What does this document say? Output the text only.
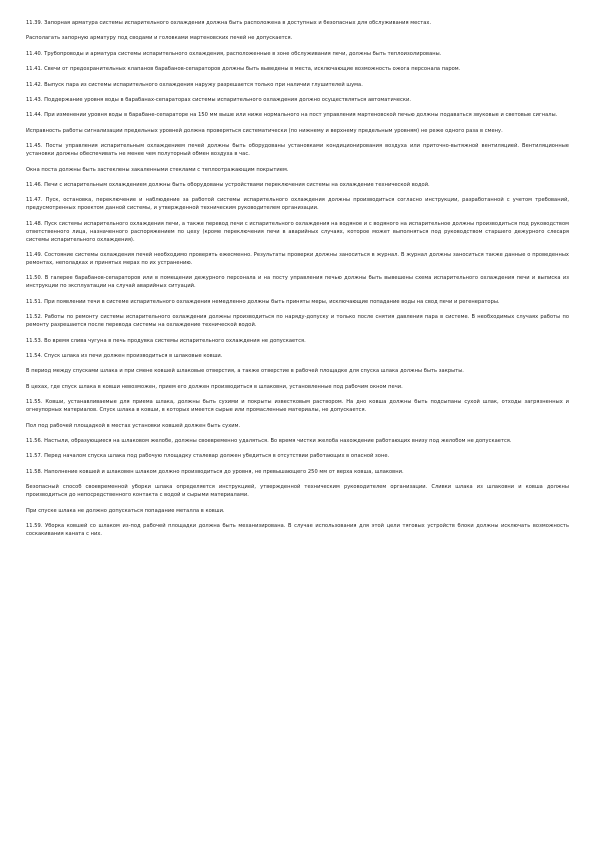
11.39. Запорная арматура системы испарительного охлаждения должна быть расположена в доступных и безопасных для обслуживания местах.

Располагать запорную арматуру под сводами и головками мартеновских печей не допускается.

11.40. Трубопроводы и арматура системы испарительного охлаждения, расположенные в зоне обслуживания печи, должны быть теплоизолированы.

11.41. Свечи от предохранительных клапанов барабанов-сепараторов должны быть выведены в места, исключающие возможность ожога персонала паром.

11.42. Выпуск пара из системы испарительного охлаждения наружу разрешается только при наличии глушителей шума.

11.43. Поддержание уровня воды в барабанах-сепараторах системы испарительного охлаждения должно осуществляться автоматически.

11.44. При изменении уровня воды в барабане-сепараторе на 150 мм выше или ниже нормального на пост управления мартеновской печью должны подаваться звуковые и световые сигналы.

Исправность работы сигнализации предельных уровней должна проверяться систематически (по нижнему и верхнему предельным уровням) не реже одного раза в смену.

11.45. Посты управления испарительным охлаждением печей должны быть оборудованы установками кондиционирования воздуха или приточно-вытяжной вентиляцией. Вентиляционные установки должны обеспечивать не менее чем полуторный обмен воздуха в час.

Окна поста должны быть застеклены закаленными стеклами с теплоотражающим покрытием.

11.46. Печи с испарительным охлаждением должны быть оборудованы устройствами переключения системы на охлаждение технической водой.

11.47. Пуск, остановка, переключение и наблюдение за работой системы испарительного охлаждения должны производиться согласно инструкции, разработанной с учетом требований, предусмотренных проектом данной системы, и утвержденной техническим руководителем организации.

11.48. Пуск системы испарительного охлаждения печи, а также перевод печи с испарительного охлаждения на водяное и с водяного на испарительное должны производиться под руководством ответственного лица, назначенного распоряжением по цеху (кроме переключения печи в аварийных случаях, которое может выполняться под руководством старшего дежурного слесаря системы испарительного охлаждения).

11.49. Состояние системы охлаждения печей необходимо проверять ежесменно. Результаты проверки должны заноситься в журнал. В журнал должны заноситься также данные о проведенных ремонтах, неполадках и принятых мерах по их устранению.

11.50. В галерее барабанов-сепараторов или в помещении дежурного персонала и на посту управления печью должны быть вывешены схема испарительного охлаждения печи и выписка из инструкции по эксплуатации на случай аварийных ситуаций.

11.51. При появлении течи в системе испарительного охлаждения немедленно должны быть приняты меры, исключающие попадание воды на свод печи и регенераторы.

11.52. Работы по ремонту системы испарительного охлаждения должны производиться по наряду-допуску и только после снятия давления пара в системе. В необходимых случаях работы по ремонту разрешается после перевода системы на охлаждение технической водой.

11.53. Во время слива чугуна в печь продувка системы испарительного охлаждения не допускается.

11.54. Спуск шлака из печи должен производиться в шлаковые ковши.

В период между спусками шлака и при смене ковшей шлаковые отверстия, а также отверстие в рабочей площадке для спуска шлака должны быть закрыты.

В цехах, где спуск шлака в ковши невозможен, прием его должен производиться в шлаковни, установленные под рабочим окном печи.

11.55. Ковши, устанавливаемые для приема шлака, должны быть сухими и покрыты известковым раствором. На дно ковша должны быть подсыпаны сухой шлак, отходы загрязненных и огнеупорных материалов. Спуск шлака в ковши, в которых имеется сырые или промасленные материалы, не допускается.

Пол под рабочей площадкой в местах установки ковшей должен быть сухим.

11.56. Настыли, образующиеся на шлаковом желобе, должны своевременно удаляться. Во время чистки желоба нахождение работающих внизу под желобом не допускается.

11.57. Перед началом спуска шлака под рабочую площадку сталевар должен убедиться в отсутствии работающих в опасной зоне.

11.58. Наполнение ковшей и шлаковен шлаком должно производиться до уровня, не превышающего 250 мм от верха ковша, шлаковни.

Безопасный способ своевременной уборки шлака определяется инструкцией, утвержденной техническим руководителем организации. Сливки шлака из шлаковни и ковша должны производиться до непосредственного контакта с водой и сырыми материалами.

При спуске шлака не должно допускаться попадание металла в ковши.

11.59. Уборка ковшей со шлаком из-под рабочей площадки должна быть механизирована. В случае использования для этой цели тяговых устройств блоки должны исключать возможность соскакивания каната с них.
